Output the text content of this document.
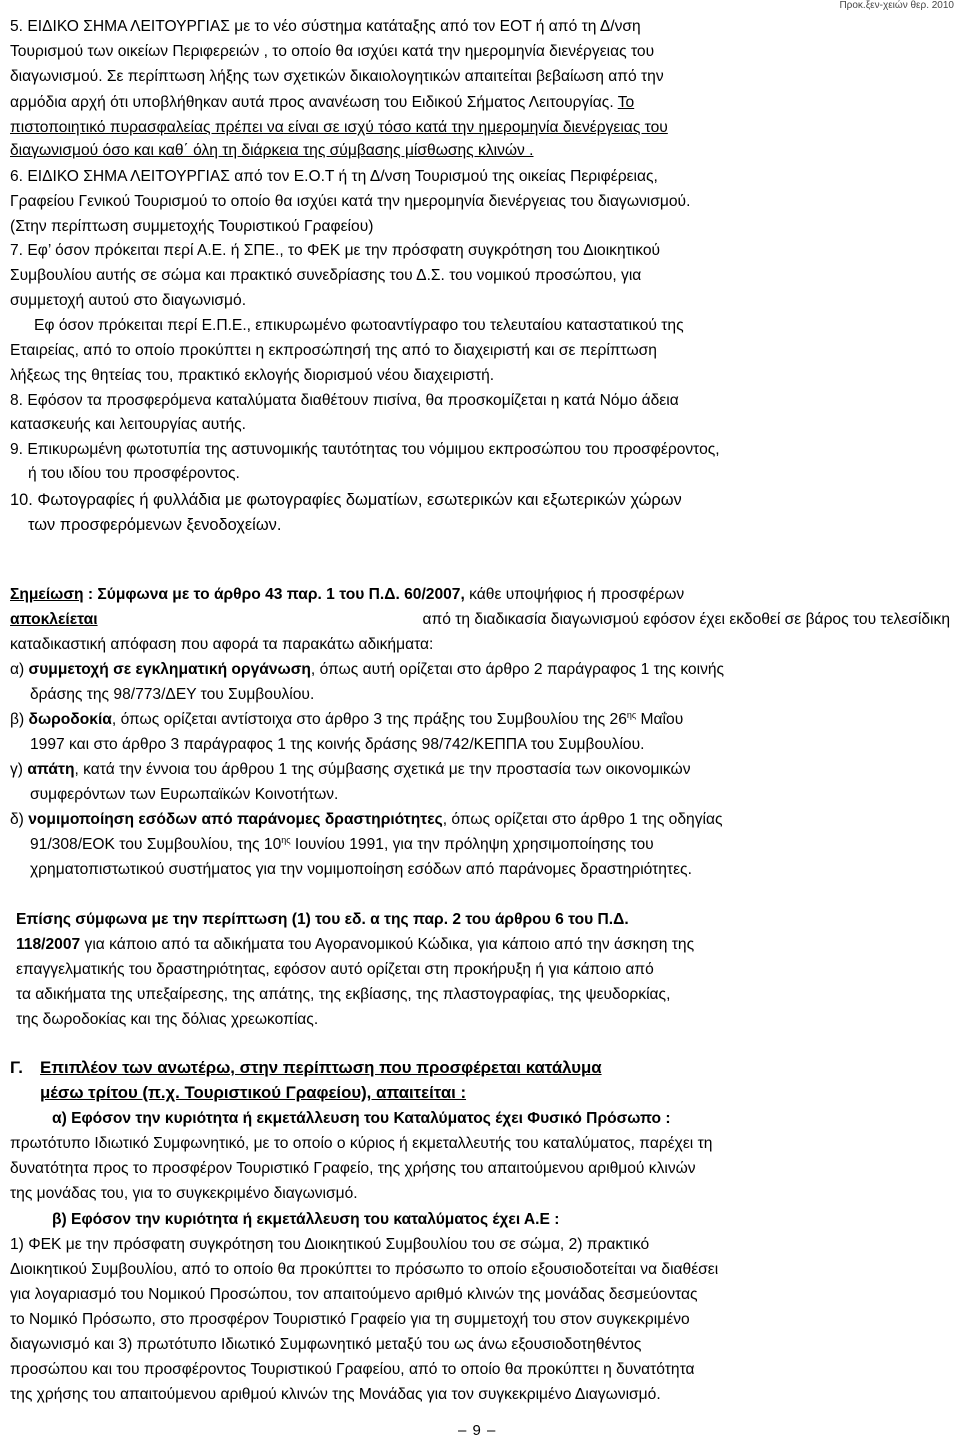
Προκ.ξεν-χειών θερ. 2010
5. ΕΙΔΙΚΟ ΣΗΜΑ ΛΕΙΤΟΥΡΓΙΑΣ με το νέο σύστημα κατάταξης από τον ΕΟΤ ή από τη Δ/νση
Τουρισμού των οικείων Περιφερειών , το οποίο θα ισχύει κατά την ημερομηνία διενέργειας του
διαγωνισμού. Σε περίπτωση λήξης των σχετικών δικαιολογητικών απαιτείται βεβαίωση από την
αρμόδια αρχή ότι υποβλήθηκαν αυτά προς ανανέωση του Ειδικού Σήματος Λειτουργίας. Το
πιστοποιητικό πυρασφαλείας πρέπει να είναι σε ισχύ τόσο κατά την ημερομηνία διενέργειας του
διαγωνισμού όσο και καθ΄ όλη τη διάρκεια της σύμβασης μίσθωσης κλινών .
6. ΕΙΔΙΚΟ ΣΗΜΑ ΛΕΙΤΟΥΡΓΙΑΣ από τον Ε.Ο.Τ ή τη Δ/νση Τουρισμού της οικείας Περιφέρειας,
Γραφείου Γενικού Τουρισμού το οποίο θα ισχύει κατά την ημερομηνία διενέργειας του διαγωνισμού.
(Στην περίπτωση συμμετοχής Τουριστικού Γραφείου)
7. Εφ’ όσον πρόκειται περί Α.Ε. ή ΣΠΕ., το ΦΕΚ με την πρόσφατη συγκρότηση του Διοικητικού
Συμβουλίου αυτής σε σώμα και πρακτικό συνεδρίασης του Δ.Σ. του νομικού προσώπου, για
συμμετοχή αυτού στο διαγωνισμό.
Εφ όσον πρόκειται περί Ε.Π.Ε., επικυρωμένο φωτοαντίγραφο του τελευταίου καταστατικού της
Εταιρείας, από το οποίο προκύπτει η εκπροσώπησή της από το διαχειριστή και σε περίπτωση
λήξεως της θητείας του, πρακτικό εκλογής διορισμού νέου διαχειριστή.
8. Εφόσον τα προσφερόμενα καταλύματα διαθέτουν πισίνα, θα προσκομίζεται η κατά Νόμο άδεια
κατασκευής και λειτουργίας αυτής.
9. Επικυρωμένη φωτοτυπία της αστυνομικής ταυτότητας του νόμιμου εκπροσώπου του προσφέροντος,
ή του ιδίου του προσφέροντος.
10. Φωτογραφίες ή φυλλάδια με φωτογραφίες δωματίων, εσωτερικών και εξωτερικών χώρων
των προσφερόμενων ξενοδοχείων.
Σημείωση : Σύμφωνα με το άρθρο 43 παρ. 1 του Π.Δ. 60/2007, κάθε υποψήφιος ή προσφέρων
αποκλείεται	από τη διαδικασία διαγωνισμού εφόσον έχει εκδοθεί σε βάρος του τελεσίδικη
καταδικαστική απόφαση που αφορά τα παρακάτω αδικήματα:
α) συμμετοχή σε εγκληματική οργάνωση, όπως αυτή ορίζεται στο άρθρο 2 παράγραφος 1 της κοινής
δράσης της 98/773/ΔΕΥ του Συμβουλίου.
β) δωροδοκία, όπως ορίζεται αντίστοιχα στο άρθρο 3 της πράξης του Συμβουλίου της $26^{\eta\varsigma}$ Μαΐου
1997 και στο άρθρο 3 παράγραφος 1 της κοινής δράσης 98/742/ΚΕΠΠΑ του Συμβουλίου.
γ) απάτη, κατά την έννοια του άρθρου 1 της σύμβασης σχετικά με την προστασία των οικονομικών
συμφερόντων των Ευρωπαϊκών Κοινοτήτων.
δ) νομιμοποίηση εσόδων από παράνομες δραστηριότητες, όπως ορίζεται στο άρθρο 1 της οδηγίας
91/308/ΕΟΚ του Συμβουλίου, της $10^{\eta\varsigma}$ Ιουνίου 1991, για την πρόληψη χρησιμοποίησης του
χρηματοπιστωτικού συστήματος για την νομιμοποίηση εσόδων από παράνομες δραστηριότητες.
Επίσης σύμφωνα με την περίπτωση (1) του εδ. α της παρ. 2 του άρθρου 6 του Π.Δ.
118/2007 για κάποιο από τα αδικήματα του Αγορανομικού Κώδικα, για κάποιο από την άσκηση της
επαγγελματικής του δραστηριότητας, εφόσον αυτό ορίζεται στη προκήρυξη ή για κάποιο από
τα αδικήματα της υπεξαίρεσης, της απάτης, της εκβίασης, της πλαστογραφίας, της ψευδορκίας,
της δωροδοκίας και της δόλιας χρεωκοπίας.
Γ. Επιπλέον των ανωτέρω, στην περίπτωση που προσφέρεται κατάλυμα
μέσω τρίτου (π.χ. Τουριστικού Γραφείου), απαιτείται :
α) Εφόσον την κυριότητα ή εκμετάλλευση του Καταλύματος έχει Φυσικό Πρόσωπο :
πρωτότυπο Ιδιωτικό Συμφωνητικό, με το οποίο ο κύριος ή εκμεταλλευτής του καταλύματος, παρέχει τη
δυνατότητα προς το προσφέρον Τουριστικό Γραφείο, της χρήσης του απαιτούμενου αριθμού κλινών
της μονάδας του, για το συγκεκριμένο διαγωνισμό.
β) Εφόσον την κυριότητα ή εκμετάλλευση του καταλύματος έχει Α.Ε :
1) ΦΕΚ με την πρόσφατη συγκρότηση του Διοικητικού Συμβουλίου του σε σώμα, 2) πρακτικό
Διοικητικού Συμβουλίου, από το οποίο θα προκύπτει το πρόσωπο το οποίο εξουσιοδοτείται να διαθέσει
για λογαριασμό του Νομικού Προσώπου, τον απαιτούμενο αριθμό κλινών της μονάδας δεσμεύοντας
το Νομικό Πρόσωπο, στο προσφέρον Τουριστικό Γραφείο για τη συμμετοχή του στον συγκεκριμένο
διαγωνισμό και 3) πρωτότυπο Ιδιωτικό Συμφωνητικό μεταξύ του ως άνω εξουσιοδοτηθέντος
προσώπου και του προσφέροντος Τουριστικού Γραφείου, από το οποίο θα προκύπτει η δυνατότητα
της χρήσης του απαιτούμενου αριθμού κλινών της Μονάδας για τον συγκεκριμένο Διαγωνισμό.
– 9 –
